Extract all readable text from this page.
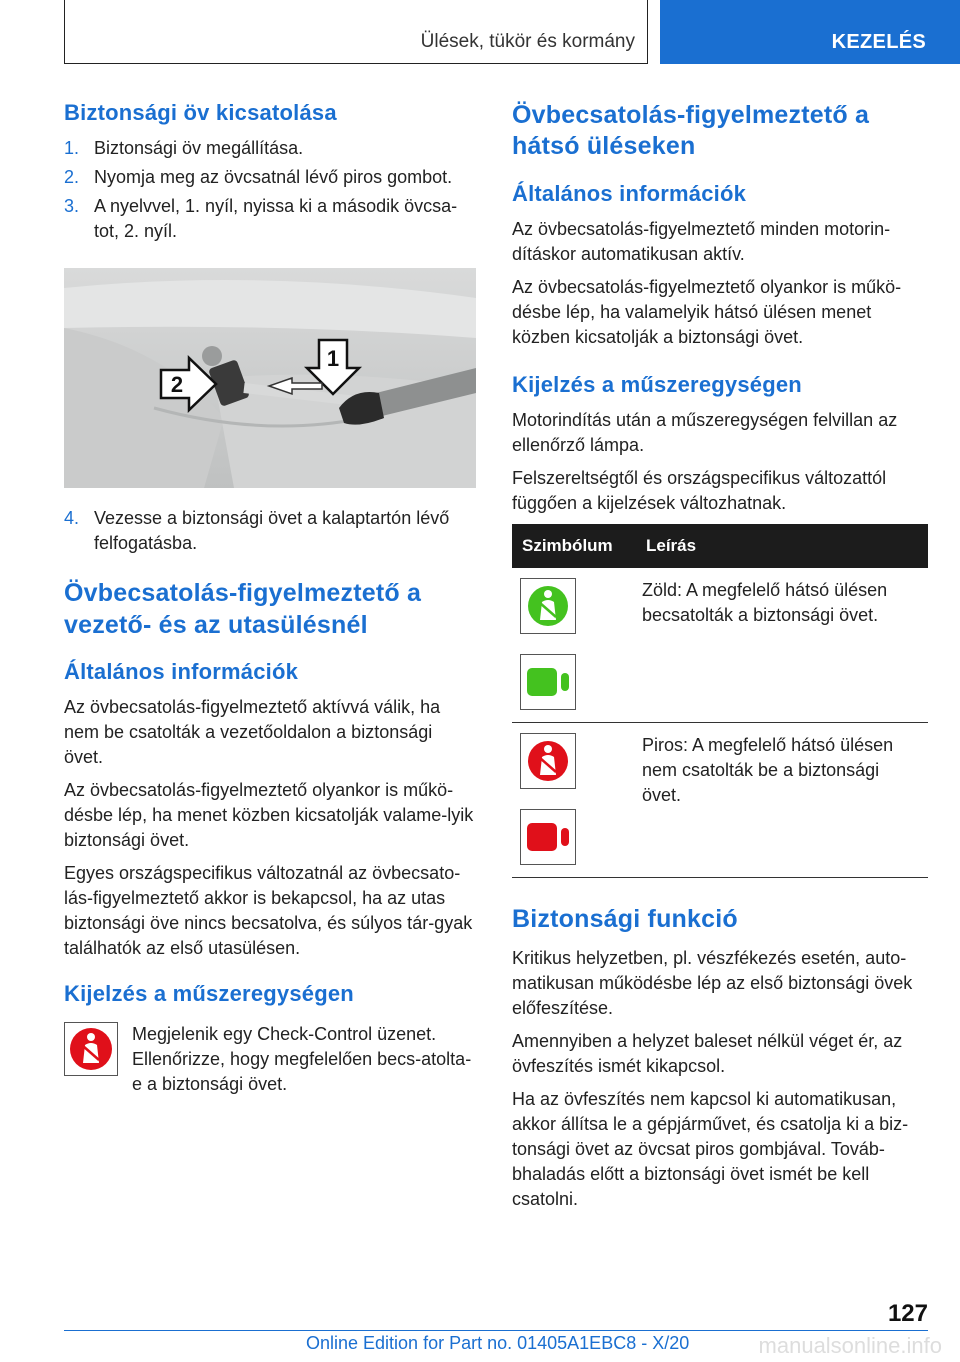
Ülések, tükör és kormány	KEZELÉS
Biztonsági öv kicsatolása
1. Biztonsági öv megállítása.
2. Nyomja meg az övcsatnál lévő piros gombot.
3. A nyelvvel, 1. nyíl, nyissa ki a második övcsa-tot, 2. nyíl.
2
1
4. Vezesse a biztonsági övet a kalaptartón lévő felfogatásba.
Övbecsatolás-figyelmeztető a vezető- és az utasülésnél
Általános információk

Az övbecsatolás-figyelmeztető aktívvá válik, ha nem be csatolták a vezetőoldalon a biztonsági övet.

Az övbecsatolás-figyelmeztető olyankor is műkö-désbe lép, ha menet közben kicsatolják valame-lyik biztonsági övet.

Egyes országspecifikus változatnál az övbecsato-lás-figyelmeztető akkor is bekapcsol, ha az utas biztonsági öve nincs becsatolva, és súlyos tár-gyak találhatók az első utasülésen.

Kijelzés a műszeregységen

Megjelenik egy Check-Control üzenet. Ellenőrizze, hogy megfelelően becs-atolta-e a biztonsági övet.

Övbecsatolás-figyelmeztető a hátsó üléseken
Általános információk

Az övbecsatolás-figyelmeztető minden motorin-dításkor automatikusan aktív.

Az övbecsatolás-figyelmeztető olyankor is műkö-désbe lép, ha valamelyik hátsó ülésen menet közben kicsatolják a biztonsági övet.

Kijelzés a műszeregységen

Motorindítás után a műszeregységen felvillan az ellenőrző lámpa.

Felszereltségtől és országspecifikus változattól függően a kijelzések változhatnak.

Szimbólum	Leírás

	Zöld: A megfelelő hátsó ülésen becsatolták a biztonsági övet.

	Piros: A megfelelő hátsó ülésen nem csatolták be a biztonsági övet.
Biztonsági funkció

Kritikus helyzetben, pl. vészfékezés esetén, auto-matikusan működésbe lép az első biztonsági övek előfeszítése.

Amennyiben a helyzet baleset nélkül véget ér, az övfeszítés ismét kikapcsol.

Ha az övfeszítés nem kapcsol ki automatikusan, akkor állítsa le a gépjárművet, és csatolja ki a biz-tonsági övet az övcsat piros gombjával. Továb-bhaladás előtt a biztonsági övet ismét be kell csatolni.

127
Online Edition for Part no. 01405A1EBC8 - X/20	manualsonline.info
